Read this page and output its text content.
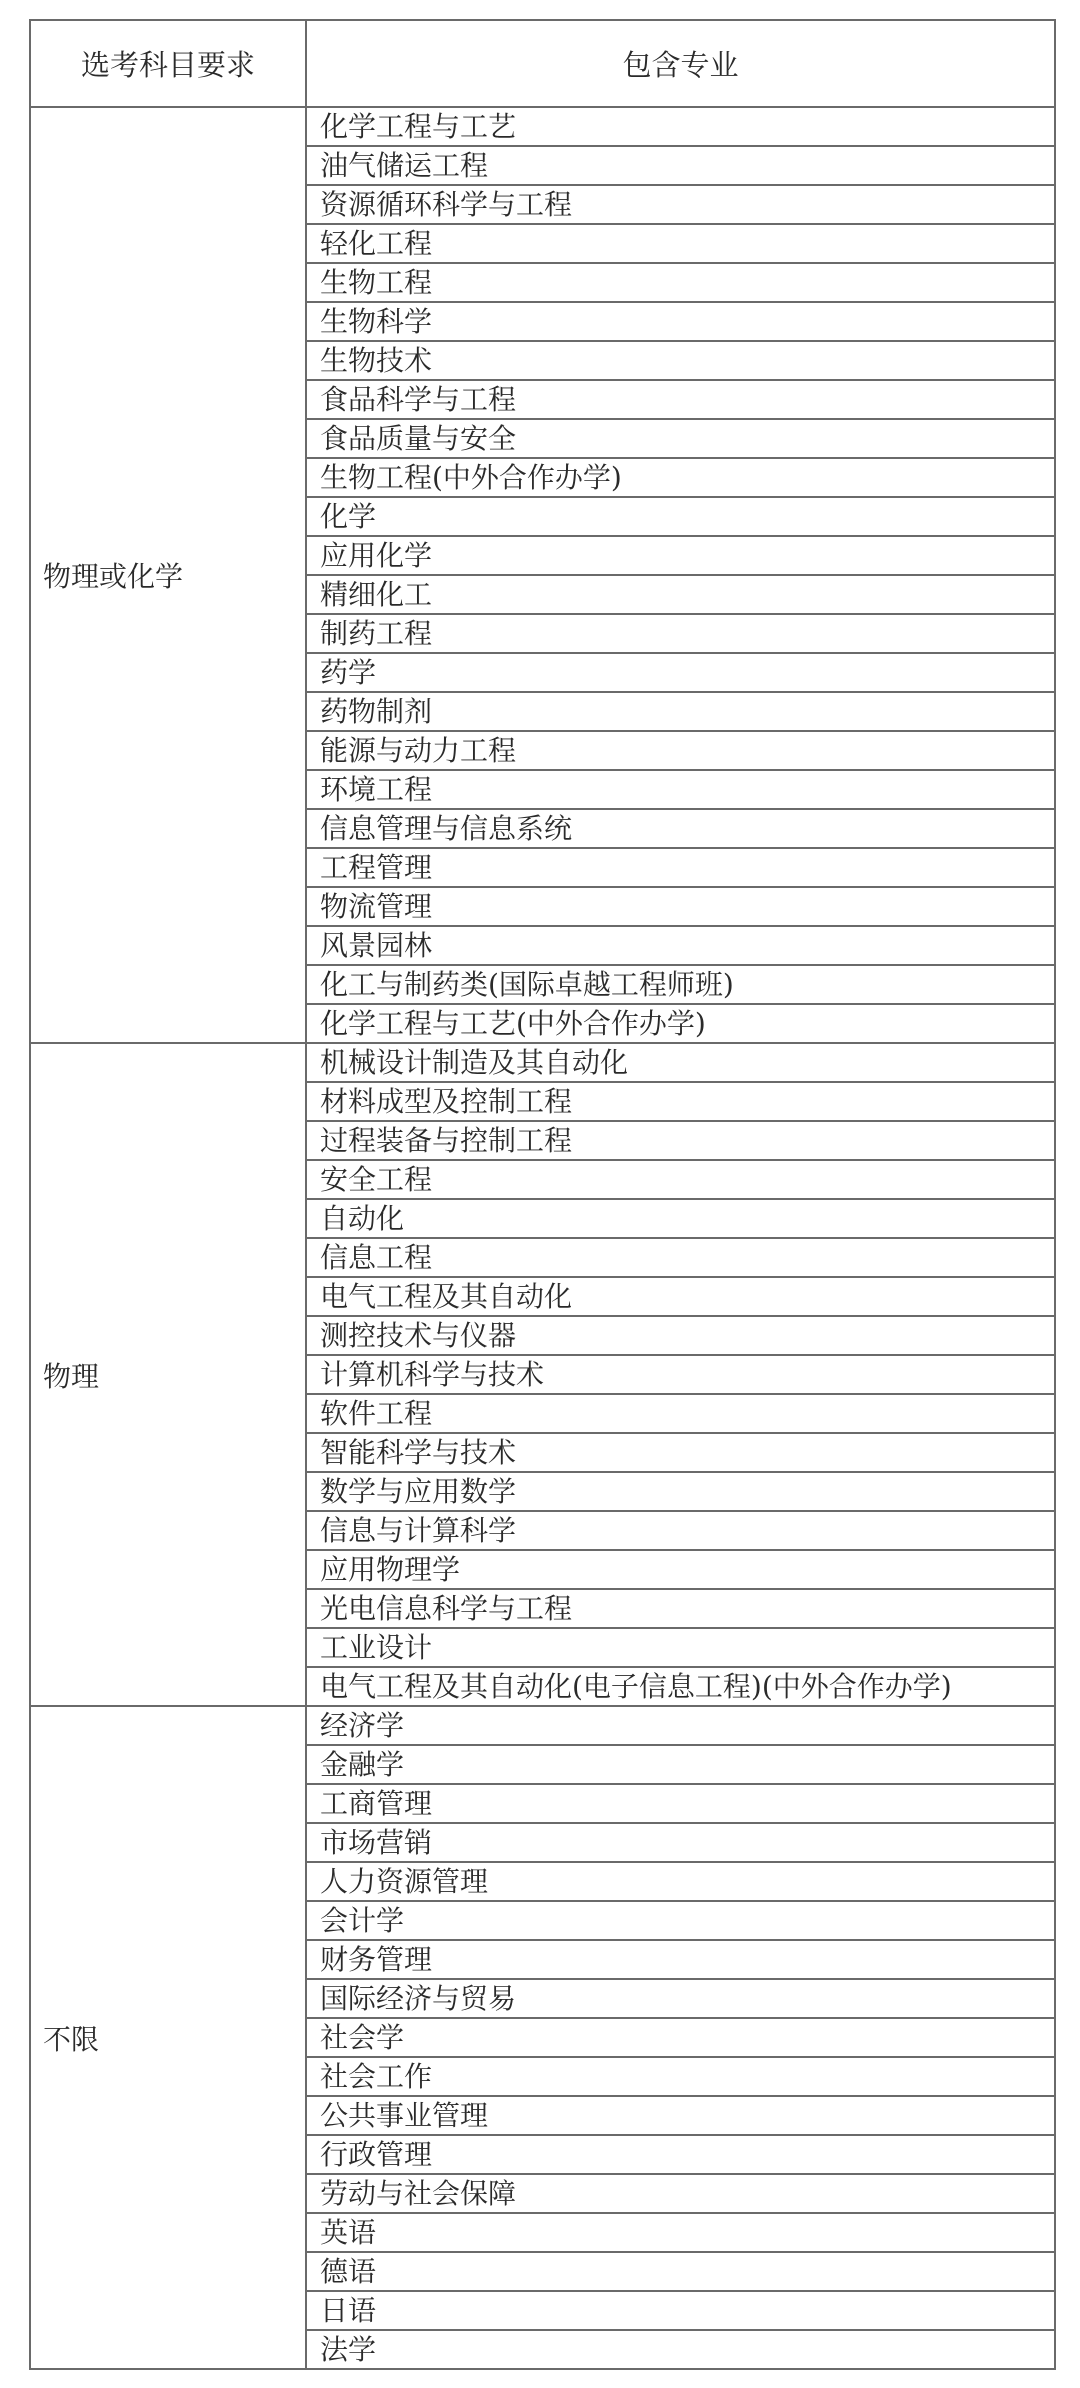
选考科目要求	包含专业
物理或化学	化学工程与工艺
	油气储运工程
	资源循环科学与工程
	轻化工程
	生物工程
	生物科学
	生物技术
	食品科学与工程
	食品质量与安全
	生物工程(中外合作办学)
	化学
	应用化学
	精细化工
	制药工程
	药学
	药物制剂
	能源与动力工程
	环境工程
	信息管理与信息系统
	工程管理
	物流管理
	风景园林
	化工与制药类(国际卓越工程师班)
	化学工程与工艺(中外合作办学)
物理	机械设计制造及其自动化
	材料成型及控制工程
	过程装备与控制工程
	安全工程
	自动化
	信息工程
	电气工程及其自动化
	测控技术与仪器
	计算机科学与技术
	软件工程
	智能科学与技术
	数学与应用数学
	信息与计算科学
	应用物理学
	光电信息科学与工程
	工业设计
	电气工程及其自动化(电子信息工程)(中外合作办学)
不限	经济学
	金融学
	工商管理
	市场营销
	人力资源管理
	会计学
	财务管理
	国际经济与贸易
	社会学
	社会工作
	公共事业管理
	行政管理
	劳动与社会保障
	英语
	德语
	日语
	法学
